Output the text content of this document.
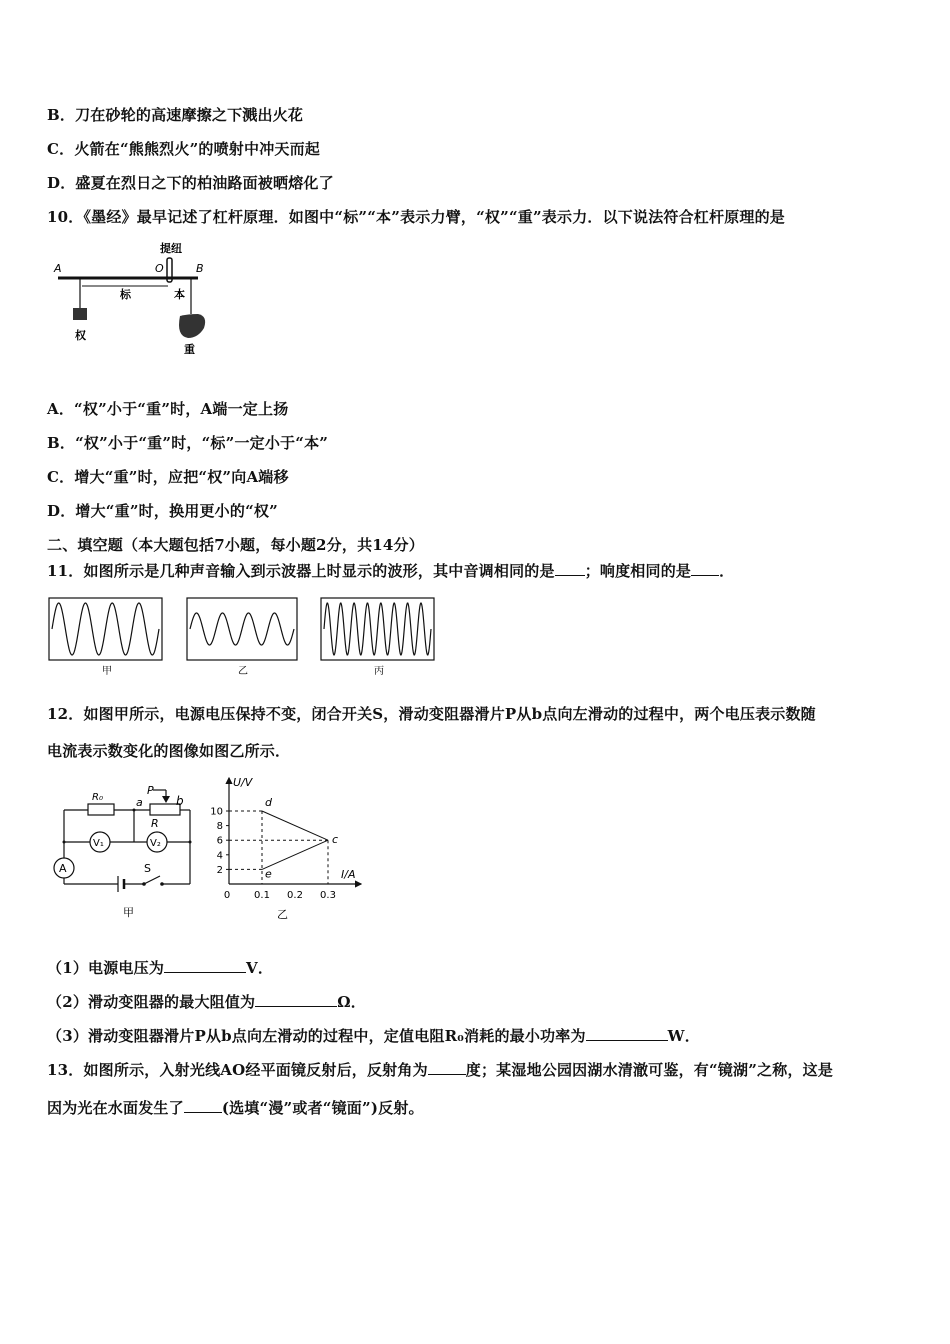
B．刀在砂轮的高速摩擦之下溅出火花
C．火箭在“熊熊烈火”的喷射中冲天而起
D．盛夏在烈日之下的柏油路面被晒熔化了
10．《墨经》最早记述了杠杆原理．如图中“标”“本”表示力臂，“权”“重”表示力．以下说法符合杠杆原理的是
提纽
A	O	B
权
标	本
重
A．“权”小于“重”时，A端一定上扬
B．“权”小于“重”时，“标”一定小于“本”
C．增大“重”时，应把“权”向A端移
D．增大“重”时，换用更小的“权”
二、填空题（本大题包括7小题，每小题2分，共14分）
11．如图所示是几种声音输入到示波器上时显示的波形，其中音调相同的是 ；响度相同的是 ．
甲	乙	丙
12．如图甲所示，电源电压保持不变，闭合开关S，滑动变阻器滑片P从b点向左滑动的过程中，两个电压表示数随
电流表示数变化的图像如图乙所示．
R₀	a
P
b
R
V₁	V₂
A	S
甲
U/V
I/A
10
8
6
4
2
0 0.1 0.2 0.3
d
e
c
乙
（1）电源电压为	V．
（2）滑动变阻器的最大阻值为	Ω．
（3）滑动变阻器滑片P从b点向左滑动的过程中，定值电阻R₀消耗的最小功率为	W．
13．如图所示，入射光线AO经平面镜反射后，反射角为	度；某湿地公园因湖水清澈可鉴，有“镜湖”之称，这是
因为光在水面发生了	(选填“漫”或者“镜面”)反射。
